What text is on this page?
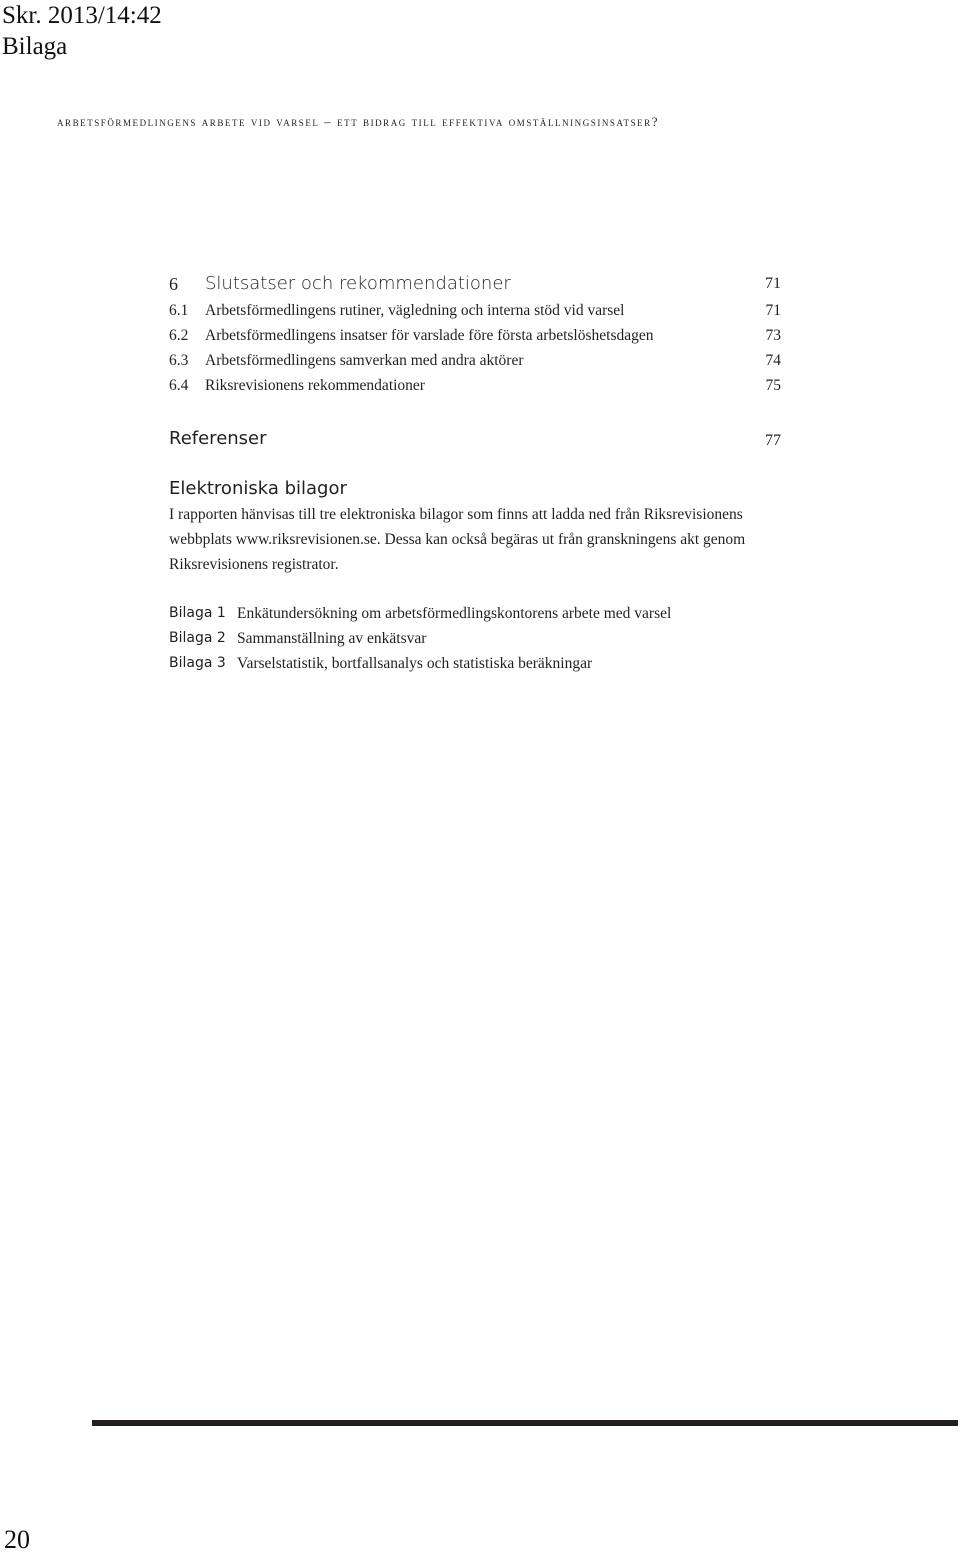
Skr. 2013/14:42
Bilaga
arbetsförmedlingens arbete vid varsel – ett bidrag till effektiva omställningsinsatser?
6 Slutsatser och rekommendationer	71
6.1 Arbetsförmedlingens rutiner, vägledning och interna stöd vid varsel	71
6.2 Arbetsförmedlingens insatser för varslade före första arbetslöshetsdagen	73
6.3 Arbetsförmedlingens samverkan med andra aktörer	74
6.4 Riksrevisionens rekommendationer	75
Referenser	77
Elektroniska bilagor

I rapporten hänvisas till tre elektroniska bilagor som finns att ladda ned från Riksrevisionens webbplats www.riksrevisionen.se. Dessa kan också begäras ut från granskningens akt genom Riksrevisionens registrator.

Bilaga 1 Enkätundersökning om arbetsförmedlingskontorens arbete med varsel
Bilaga 2 Sammanställning av enkätsvar
Bilaga 3 Varselstatistik, bortfallsanalys och statistiska beräkningar
20
